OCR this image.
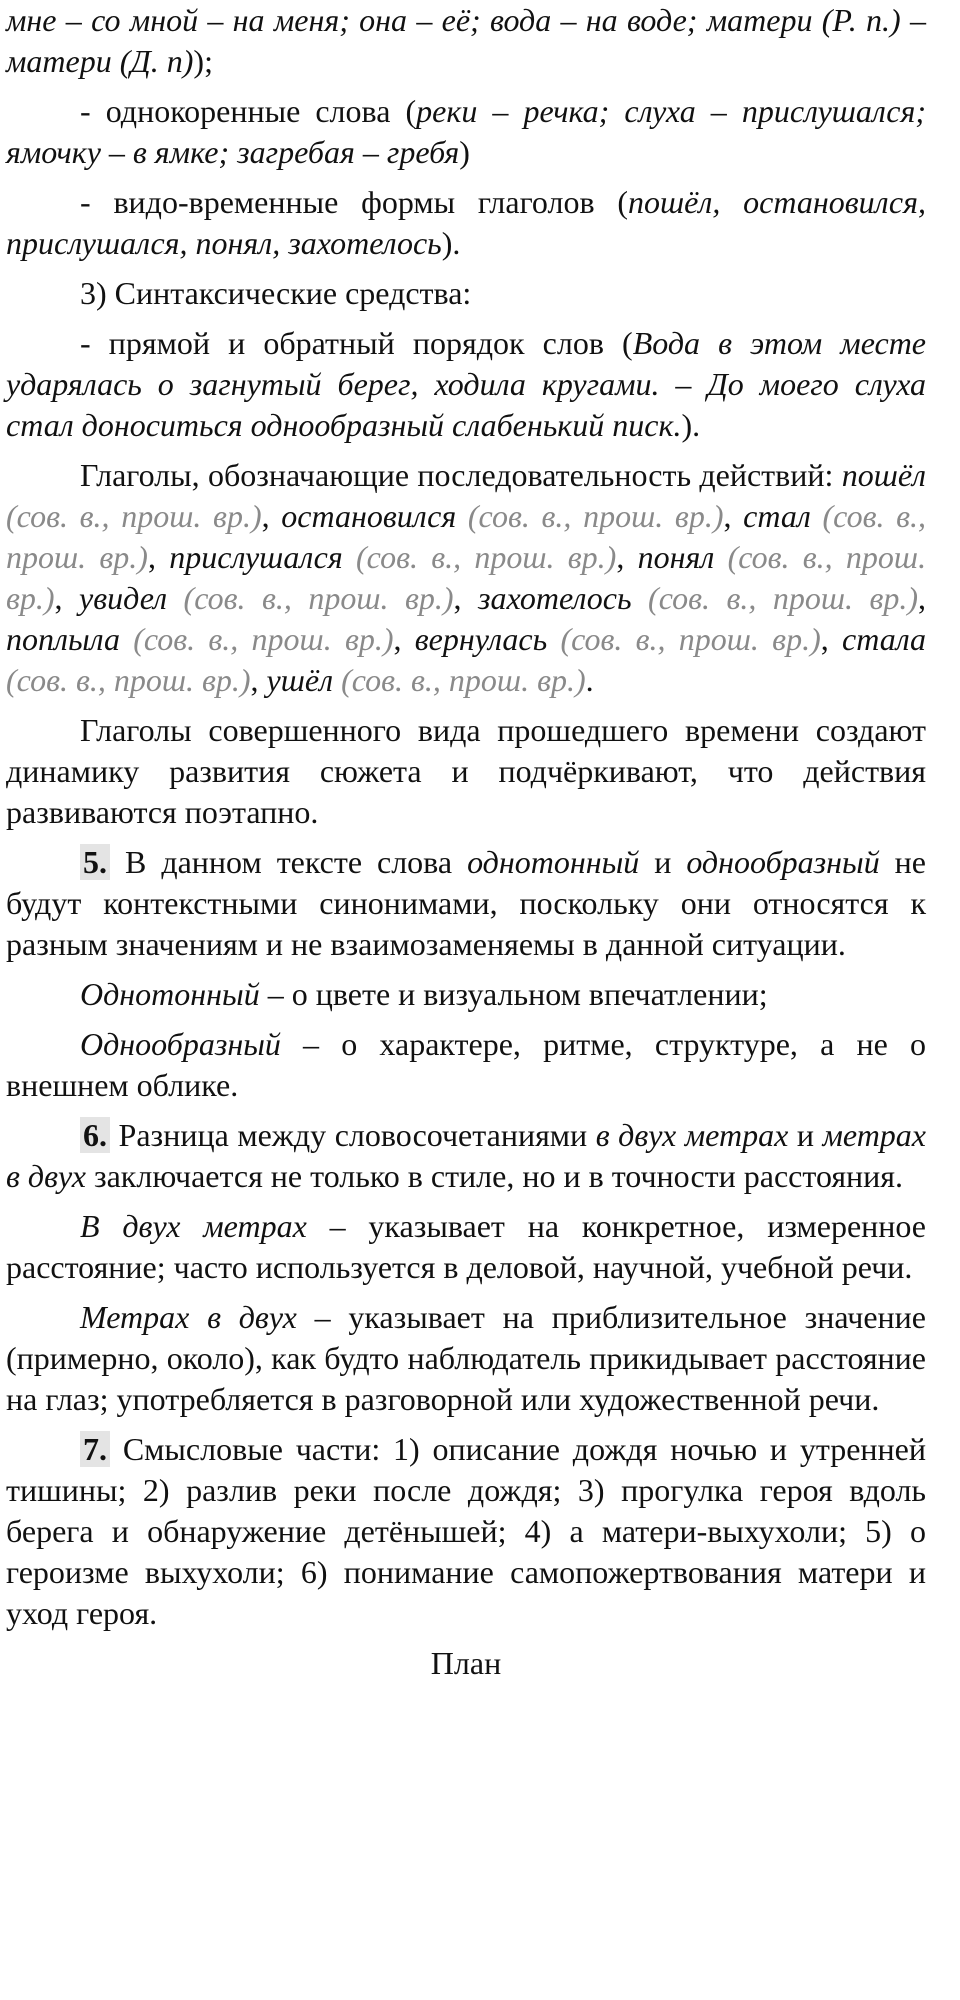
мне – со мной – на меня; она – её; вода – на воде; матери (Р. п.) – матери (Д. п));

- однокоренные слова (реки – речка; слуха – прислушался; ямочку – в ямке; загребая – гребя)

- видо-временные формы глаголов (пошёл, остановился, прислушался, понял, захотелось).

3) Синтаксические средства:

- прямой и обратный порядок слов (Вода в этом месте ударялась о загнутый берег, ходила кругами. – До моего слуха стал доноситься однообразный слабенький писк.).

Глаголы, обозначающие последовательность действий: пошёл (сов. в., прош. вр.), остановился (сов. в., прош. вр.), стал (сов. в., прош. вр.), прислушался (сов. в., прош. вр.), понял (сов. в., прош. вр.), увидел (сов. в., прош. вр.), захотелось (сов. в., прош. вр.), поплыла (сов. в., прош. вр.), вернулась (сов. в., прош. вр.), стала (сов. в., прош. вр.), ушёл (сов. в., прош. вр.).

Глаголы совершенного вида прошедшего времени создают динамику развития сюжета и подчёркивают, что действия развиваются поэтапно.

5. В данном тексте слова однотонный и однообразный не будут контекстными синонимами, поскольку они относятся к разным значениям и не взаимозаменяемы в данной ситуации.

Однотонный – о цвете и визуальном впечатлении;

Однообразный – о характере, ритме, структуре, а не о внешнем облике.

6. Разница между словосочетаниями в двух метрах и метрах в двух заключается не только в стиле, но и в точности расстояния.

В двух метрах – указывает на конкретное, измеренное расстояние; часто используется в деловой, научной, учебной речи.

Метрах в двух – указывает на приблизительное значение (примерно, около), как будто наблюдатель прикидывает расстояние на глаз; употребляется в разговорной или художественной речи.

7. Смысловые части: 1) описание дождя ночью и утренней тишины; 2) разлив реки после дождя; 3) прогулка героя вдоль берега и обнаружение детёнышей; 4) а матери-выхухоли; 5) о героизме выхухоли; 6) понимание самопожертвования матери и уход героя.

План
